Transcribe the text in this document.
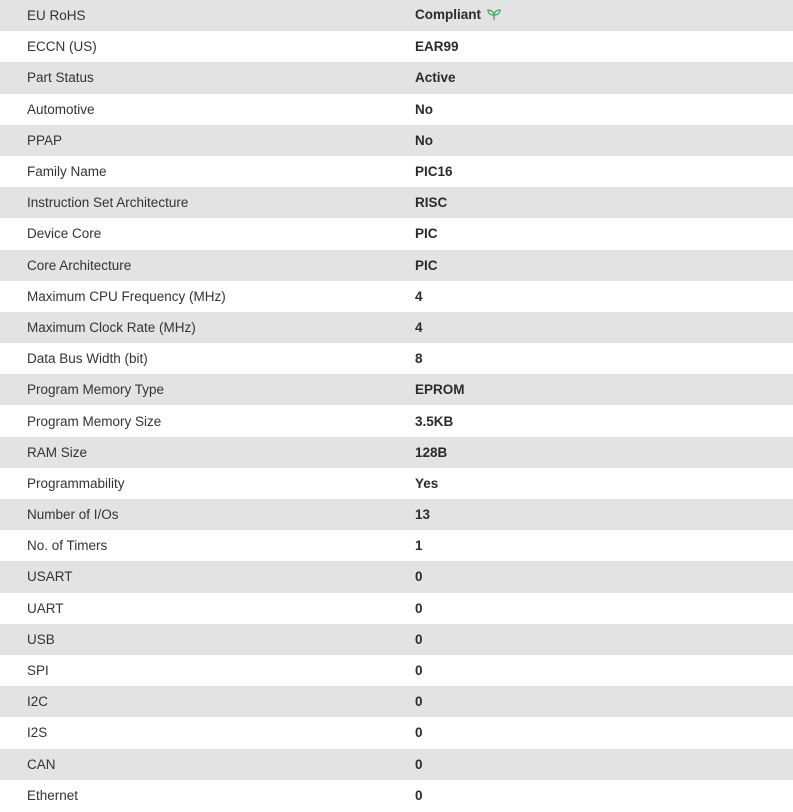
EU RoHS	Compliant
ECCN (US)	EAR99
Part Status	Active
Automotive	No
PPAP	No
Family Name	PIC16
Instruction Set Architecture	RISC
Device Core	PIC
Core Architecture	PIC
Maximum CPU Frequency (MHz)	4
Maximum Clock Rate (MHz)	4
Data Bus Width (bit)	8
Program Memory Type	EPROM
Program Memory Size	3.5KB
RAM Size	128B
Programmability	Yes
Number of I/Os	13
No. of Timers	1
USART	0
UART	0
USB	0
SPI	0
I2C	0
I2S	0
CAN	0
Ethernet	0
